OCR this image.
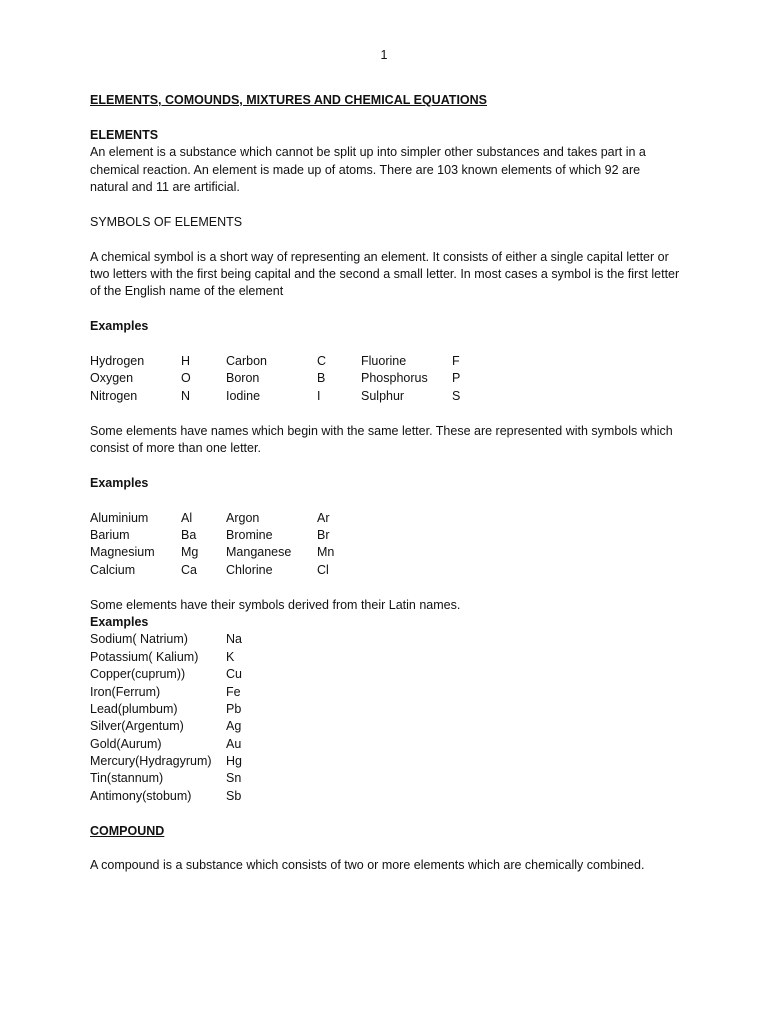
1

ELEMENTS, COMOUNDS, MIXTURES AND CHEMICAL EQUATIONS

ELEMENTS

An element is a substance which cannot be split up into simpler other substances and takes part in a chemical reaction. An element is made up of atoms. There are 103 known elements of which 92 are natural and 11 are artificial.

SYMBOLS OF ELEMENTS

A chemical symbol is a short way of representing an element. It consists of either a single capital letter or two letters with the first being capital and the second a small letter. In most cases a symbol is the first letter of the English name of the element

Examples

Hydrogen	H	Carbon	C	Fluorine	F
Oxygen	O	Boron	B	Phosphorus	P
Nitrogen	N	Iodine	I	Sulphur	S

Some elements have names which begin with the same letter. These are represented with symbols which consist of more than one letter.

Examples

Aluminium	Al	Argon	Ar
Barium	Ba	Bromine	Br
Magnesium	Mg	Manganese	Mn
Calcium	Ca	Chlorine	Cl

Some elements have their symbols derived from their Latin names.

Examples

Sodium( Natrium)	Na
Potassium( Kalium)	K
Copper(cuprum))	Cu
Iron(Ferrum)	Fe
Lead(plumbum)	Pb
Silver(Argentum)	Ag
Gold(Aurum)	Au
Mercury(Hydragyrum)	Hg
Tin(stannum)	Sn
Antimony(stobum)	Sb

COMPOUND

A compound is a substance which consists of two or more elements which are chemically combined.
